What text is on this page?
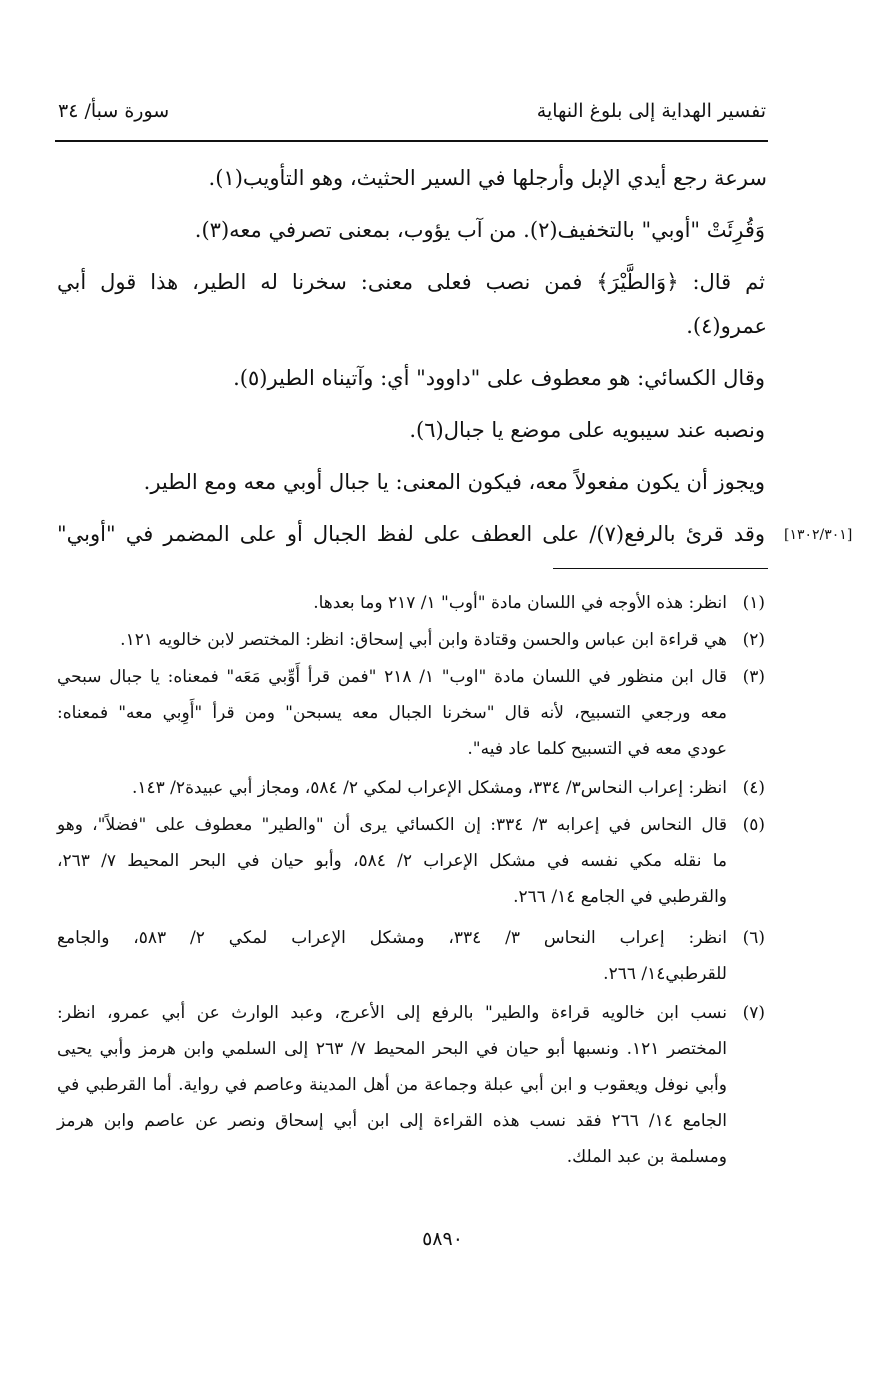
تفسير الهداية إلى بلوغ النهاية
سورة سبأ/ ٣٤
سرعة رجع أيدي الإبل وأرجلها في السير الحثيث، وهو التأويب(١).
وَقُرِئَتْ "أوبي" بالتخفيف(٢). من آب يؤوب، بمعنى تصرفي معه(٣).
ثم قال: ﴿وَالطَّيْرَ﴾ فمن نصب فعلى معنى: سخرنا له الطير، هذا قول أبي
عمرو(٤).
وقال الكسائي: هو معطوف على "داوود" أي: وآتيناه الطير(٥).
ونصبه عند سيبويه على موضع يا جبال(٦).
ويجوز أن يكون مفعولاً معه، فيكون المعنى: يا جبال أوبي معه ومع الطير.
وقد قرئ بالرفع(٧)/ على العطف على لفظ الجبال أو على المضمر في "أوبي" [١٣٠٢/٣٠١]
(١)
انظر: هذه الأوجه في اللسان مادة "أوب" ١/ ٢١٧ وما بعدها.
(٢)
هي قراءة ابن عباس والحسن وقتادة وابن أبي إسحاق: انظر: المختصر لابن خالويه ١٢١.
(٣)
قال ابن منظور في اللسان مادة "اوب" ١/ ٢١٨ "فمن قرأ أَوِّبي مَعَه" فمعناه: يا جبال سبحي
معه ورجعي التسبيح، لأنه قال "سخرنا الجبال معه يسبحن" ومن قرأ "أَوِبي معه" فمعناه:
عودي معه في التسبيح كلما عاد فيه".
(٤)
انظر: إعراب النحاس٣/ ٣٣٤، ومشكل الإعراب لمكي ٢/ ٥٨٤، ومجاز أبي عبيدة٢/ ١٤٣.
(٥)
قال النحاس في إعرابه ٣/ ٣٣٤: إن الكسائي يرى أن "والطير" معطوف على "فضلاً"، وهو
ما نقله مكي نفسه في مشكل الإعراب ٢/ ٥٨٤، وأبو حيان في البحر المحيط ٧/ ٢٦٣،
والقرطبي في الجامع ١٤/ ٢٦٦.
(٦)
انظر: إعراب النحاس ٣/ ٣٣٤، ومشكل الإعراب لمكي ٢/ ٥٨٣، والجامع
للقرطبي١٤/ ٢٦٦.
(٧)
نسب ابن خالويه قراءة والطير" بالرفع إلى الأعرج، وعبد الوارث عن أبي عمرو، انظر:
المختصر ١٢١. ونسبها أبو حيان في البحر المحيط ٧/ ٢٦٣ إلى السلمي وابن هرمز وأبي يحيى
وأبي نوفل ويعقوب و ابن أبي عبلة وجماعة من أهل المدينة وعاصم في رواية. أما القرطبي في
الجامع ١٤/ ٢٦٦ فقد نسب هذه القراءة إلى ابن أبي إسحاق ونصر عن عاصم وابن هرمز
ومسلمة بن عبد الملك.
٥٨٩٠
